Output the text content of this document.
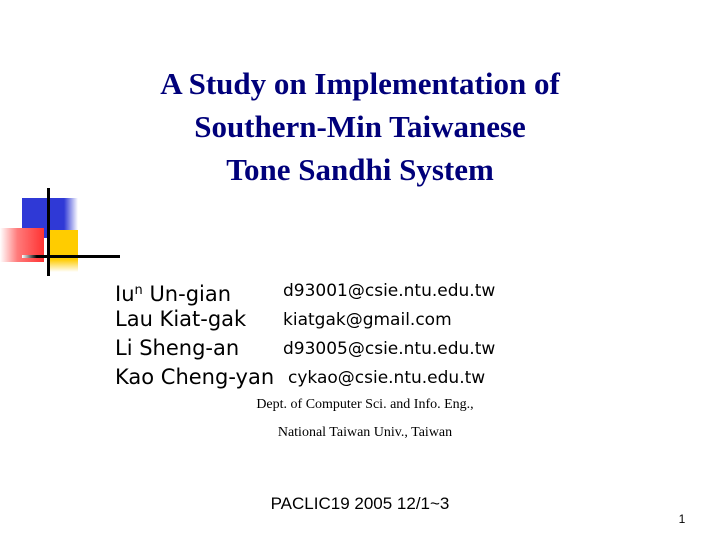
A Study on Implementation of
Southern-Min Taiwanese
Tone Sandhi System
Iu$^n$ Un-gian	d93001@csie.ntu.edu.tw
Lau Kiat-gak kiatgak@gmail.com
Li Sheng-an	d93005@csie.ntu.edu.tw
Kao Cheng-yan cykao@csie.ntu.edu.tw
Dept. of Computer Sci. and Info. Eng.,
National Taiwan Univ., Taiwan
PACLIC19 2005 12/1~3
1
